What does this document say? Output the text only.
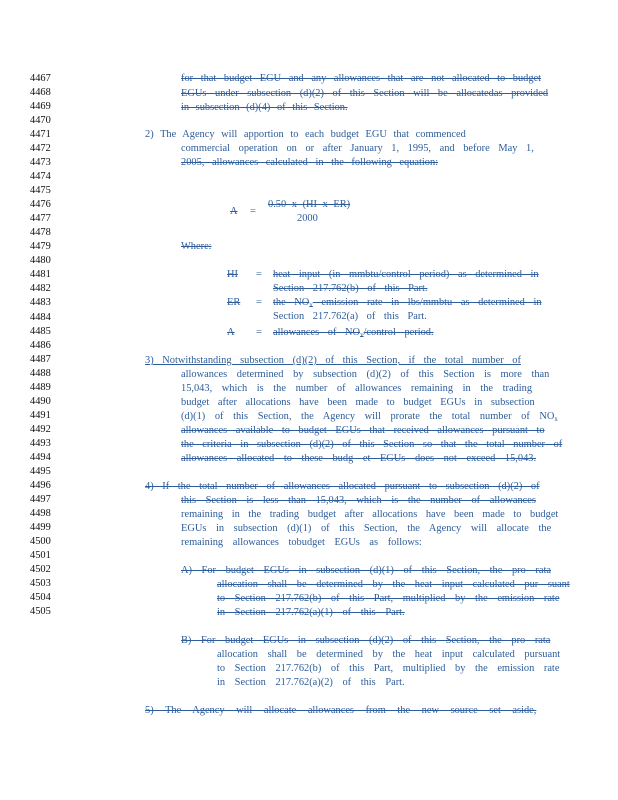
4467
4468
4469
4470
4471
4472
4473
4474
4475
4476
4477
4478
4479
4480
4481
4482
4483
4484
4485
4486
4487
4488
4489
4490
4491
4492
4493
4494
4495
4496
4497
4498
4499
4500
4501
4502
4503
4504
4505
for that budget EGU and any allowances that are not allocated to budget
EGUs under subsection (d)(2) of this Section will be allocatedas provided
in subsection (d)(4) of this Section.
2) The Agency will apportion to each budget EGU that commenced
commercial operation on or after January 1, 1995, and before May 1,
2005, allowances calculated in the following equation:
A =
0.50 x (HI x ER)
2000
Where:
HI = heat input (in mmbtu/control period) as determined in
Section 217.762(b) of this Part.
ER = the $NO_x$ emission rate in lbs/mmbtu as determined in
Section 217.762(a) of this Part.
A = allowances of $NO_x$/control period.
3) Notwithstanding subsection (d)(2) of this Section, if the total number of
allowances determined by subsection (d)(2) of this Section is more than
15,043, which is the number of allowances remaining in the trading
budget after allocations have been made to budget EGUs in subsection
(d)(1) of this Section, the Agency will prorate the total number of $NO_x$
allowances available to budget EGUs that received allowances pursuant to
the criteria in subsection (d)(2) of this Section so that the total number of
allowances allocated to these budg et EGUs does not exceed 15,043.
4) If the total number of allowances allocated pursuant to subsection (d)(2) of
this Section is less than 15,043, which is the number of allowances
remaining in the trading budget after allocations have been made to budget
EGUs in subsection (d)(1) of this Section, the Agency will allocate the
remaining allowances tobudget EGUs as follows:
A) For budget EGUs in subsection (d)(1) of this Section, the pro rata
allocation shall be determined by the heat input calculated pur suant
to Section 217.762(b) of this Part, multiplied by the emission rate
in Section 217.762(a)(1) of this Part.
B) For budget EGUs in subsection (d)(2) of this Section, the pro rata
allocation shall be determined by the heat input calculated pursuant
to Section 217.762(b) of this Part, multiplied by the emission rate
in Section 217.762(a)(2) of this Part.
5) The Agency will allocate allowances from the new source set aside,
